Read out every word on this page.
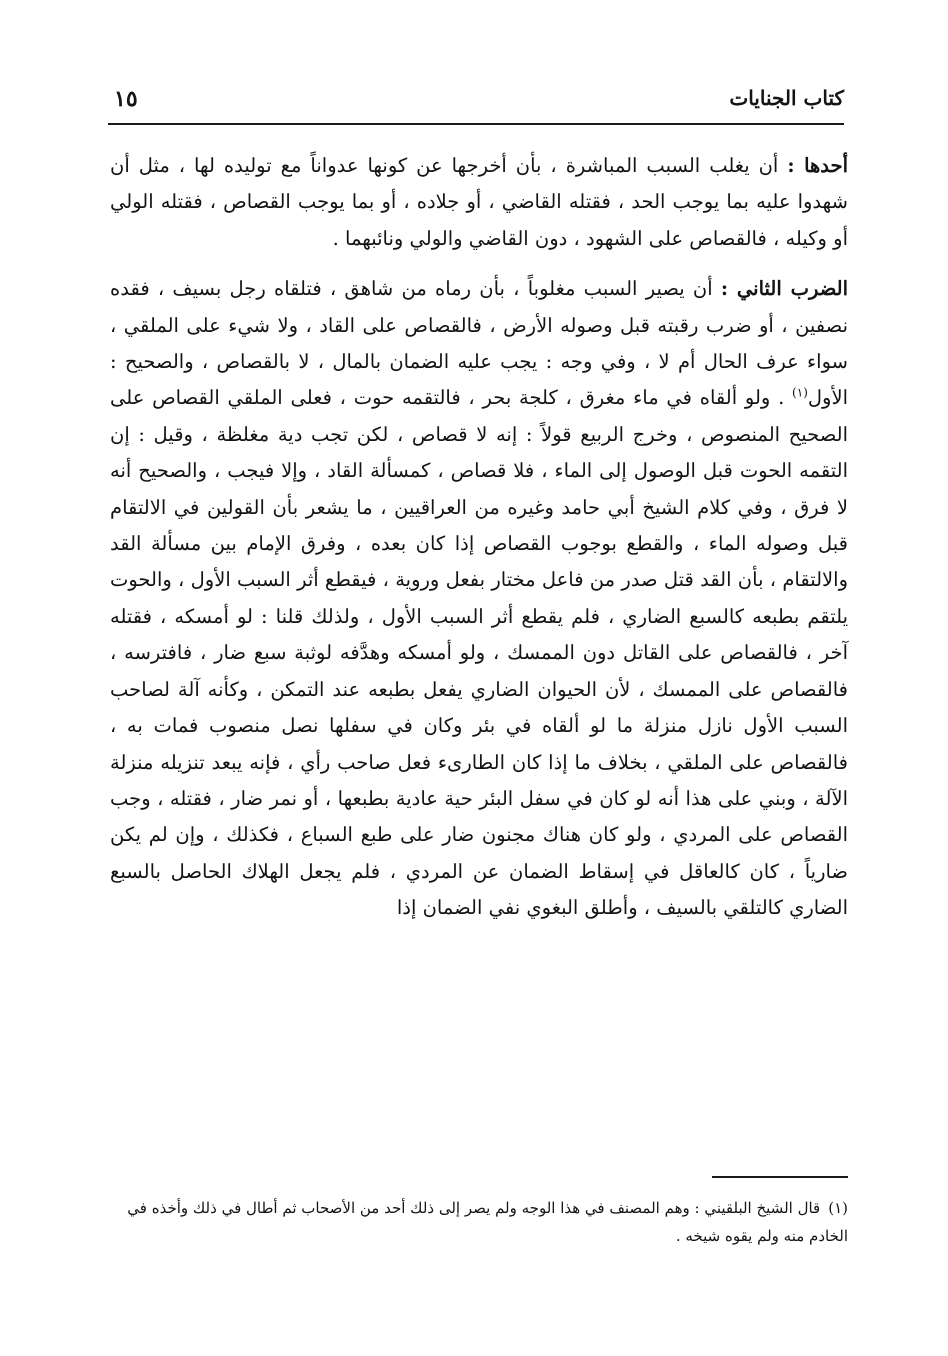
كتاب الجنايات
١٥

أحدها : أن يغلب السبب المباشرة ، بأن أخرجها عن كونها عدواناً مع توليده لها ، مثل أن شهدوا عليه بما يوجب الحد ، فقتله القاضي ، أو جلاده ، أو بما يوجب القصاص ، فقتله الولي أو وكيله ، فالقصاص على الشهود ، دون القاضي والولي ونائبهما .

الضرب الثاني : أن يصير السبب مغلوباً ، بأن رماه من شاهق ، فتلقاه رجل بسيف ، فقده نصفين ، أو ضرب رقبته قبل وصوله الأرض ، فالقصاص على القاد ، ولا شيء على الملقي ، سواء عرف الحال أم لا ، وفي وجه : يجب عليه الضمان بالمال ، لا بالقصاص ، والصحيح : الأول$^{(١)}$ . ولو ألقاه في ماء مغرق ، كلجة بحر ، فالتقمه حوت ، فعلى الملقي القصاص على الصحيح المنصوص ، وخرج الربيع قولاً : إنه لا قصاص ، لكن تجب دية مغلظة ، وقيل : إن التقمه الحوت قبل الوصول إلى الماء ، فلا قصاص ، كمسألة القاد ، وإلا فيجب ، والصحيح أنه لا فرق ، وفي كلام الشيخ أبي حامد وغيره من العراقيين ، ما يشعر بأن القولين في الالتقام قبل وصوله الماء ، والقطع بوجوب القصاص إذا كان بعده ، وفرق الإمام بين مسألة القد والالتقام ، بأن القد قتل صدر من فاعل مختار بفعل وروية ، فيقطع أثر السبب الأول ، والحوت يلتقم بطبعه كالسبع الضاري ، فلم يقطع أثر السبب الأول ، ولذلك قلنا : لو أمسكه ، فقتله آخر ، فالقصاص على القاتل دون الممسك ، ولو أمسكه وهدَّفه لوثبة سبع ضار ، فافترسه ، فالقصاص على الممسك ، لأن الحيوان الضاري يفعل بطبعه عند التمكن ، وكأنه آلة لصاحب السبب الأول نازل منزلة ما لو ألقاه في بئر وكان في سفلها نصل منصوب فمات به ، فالقصاص على الملقي ، بخلاف ما إذا كان الطارىء فعل صاحب رأي ، فإنه يبعد تنزيله منزلة الآلة ، وبني على هذا أنه لو كان في سفل البئر حية عادية بطبعها ، أو نمر ضار ، فقتله ، وجب القصاص على المردي ، ولو كان هناك مجنون ضار على طبع السباع ، فكذلك ، وإن لم يكن ضارياً ، كان كالعاقل في إسقاط الضمان عن المردي ، فلم يجعل الهلاك الحاصل بالسبع الضاري كالتلقي بالسيف ، وأطلق البغوي نفي الضمان إذا

(١)قال الشيخ البلقيني : وهم المصنف في هذا الوجه ولم يصر إلى ذلك أحد من الأصحاب ثم أطال في ذلك وأخذه في الخادم منه ولم يقوه شيخه .
